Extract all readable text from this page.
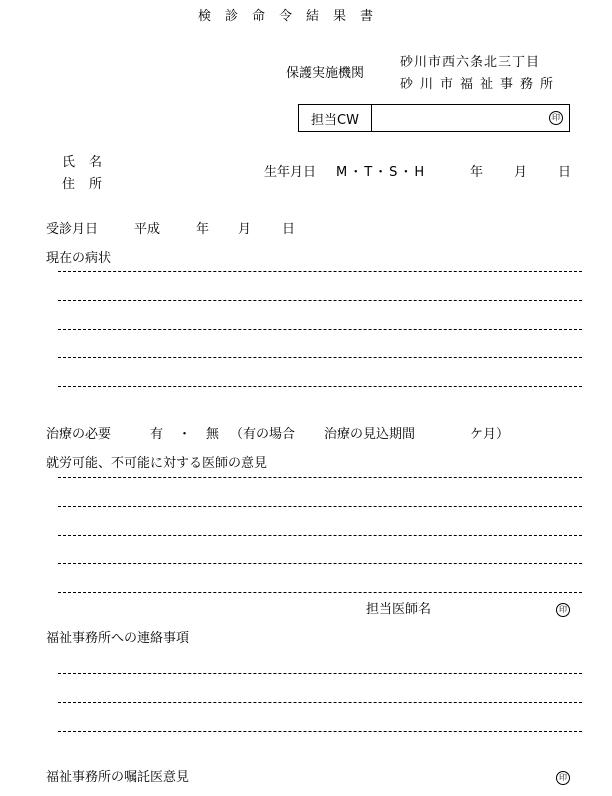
検診命令結果書
保護実施機関
砂川市西六条北三丁目
砂川市福祉事務所
担当CW	印
氏名
住所
生年月日 M・T・S・H	年 月 日
受診月日	平成	年 月 日
現在の病状
治療の必要	有 ・ 無 （有の場合 治療の見込期間	ケ月）
就労可能、不可能に対する医師の意見
担当医師名	印
福祉事務所への連絡事項
福祉事務所の嘱託医意見	印
